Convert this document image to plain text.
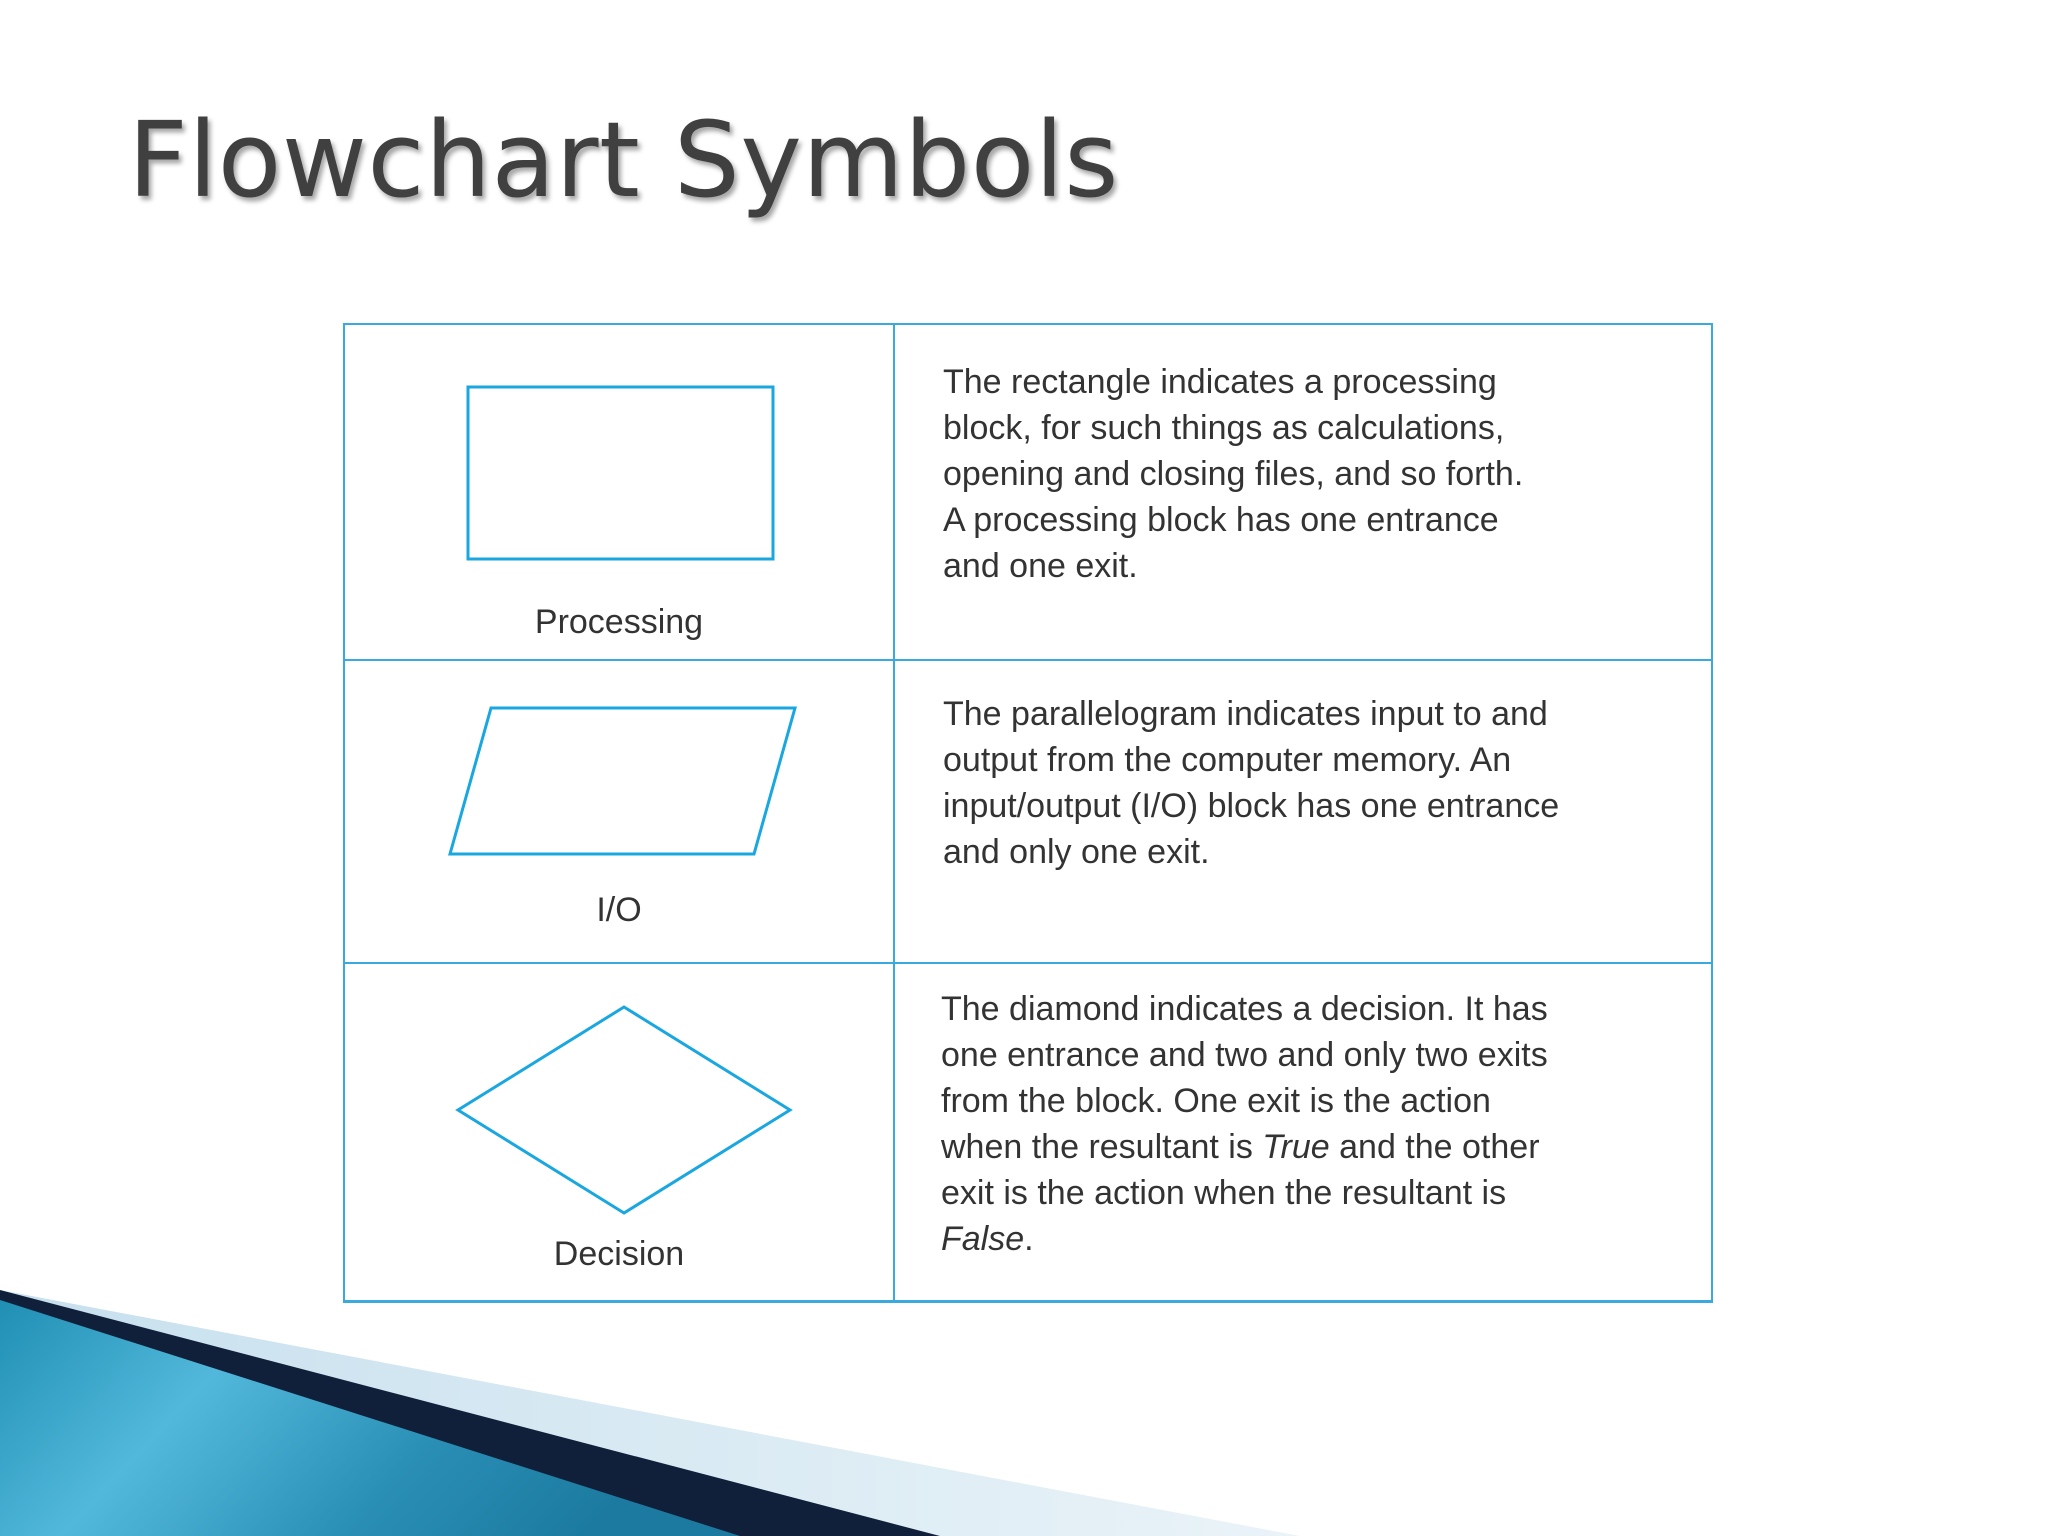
Flowchart Symbols
Processing

The rectangle indicates a processing

block, for such things as calculations,

opening and closing files, and so forth.

A processing block has one entrance

and one exit.

I/O

The parallelogram indicates input to and

output from the computer memory. An

input/output (I/O) block has one entrance

and only one exit.

Decision

The diamond indicates a decision. It has

one entrance and two and only two exits

from the block. One exit is the action

when the resultant is True and the other

exit is the action when the resultant is

False.
